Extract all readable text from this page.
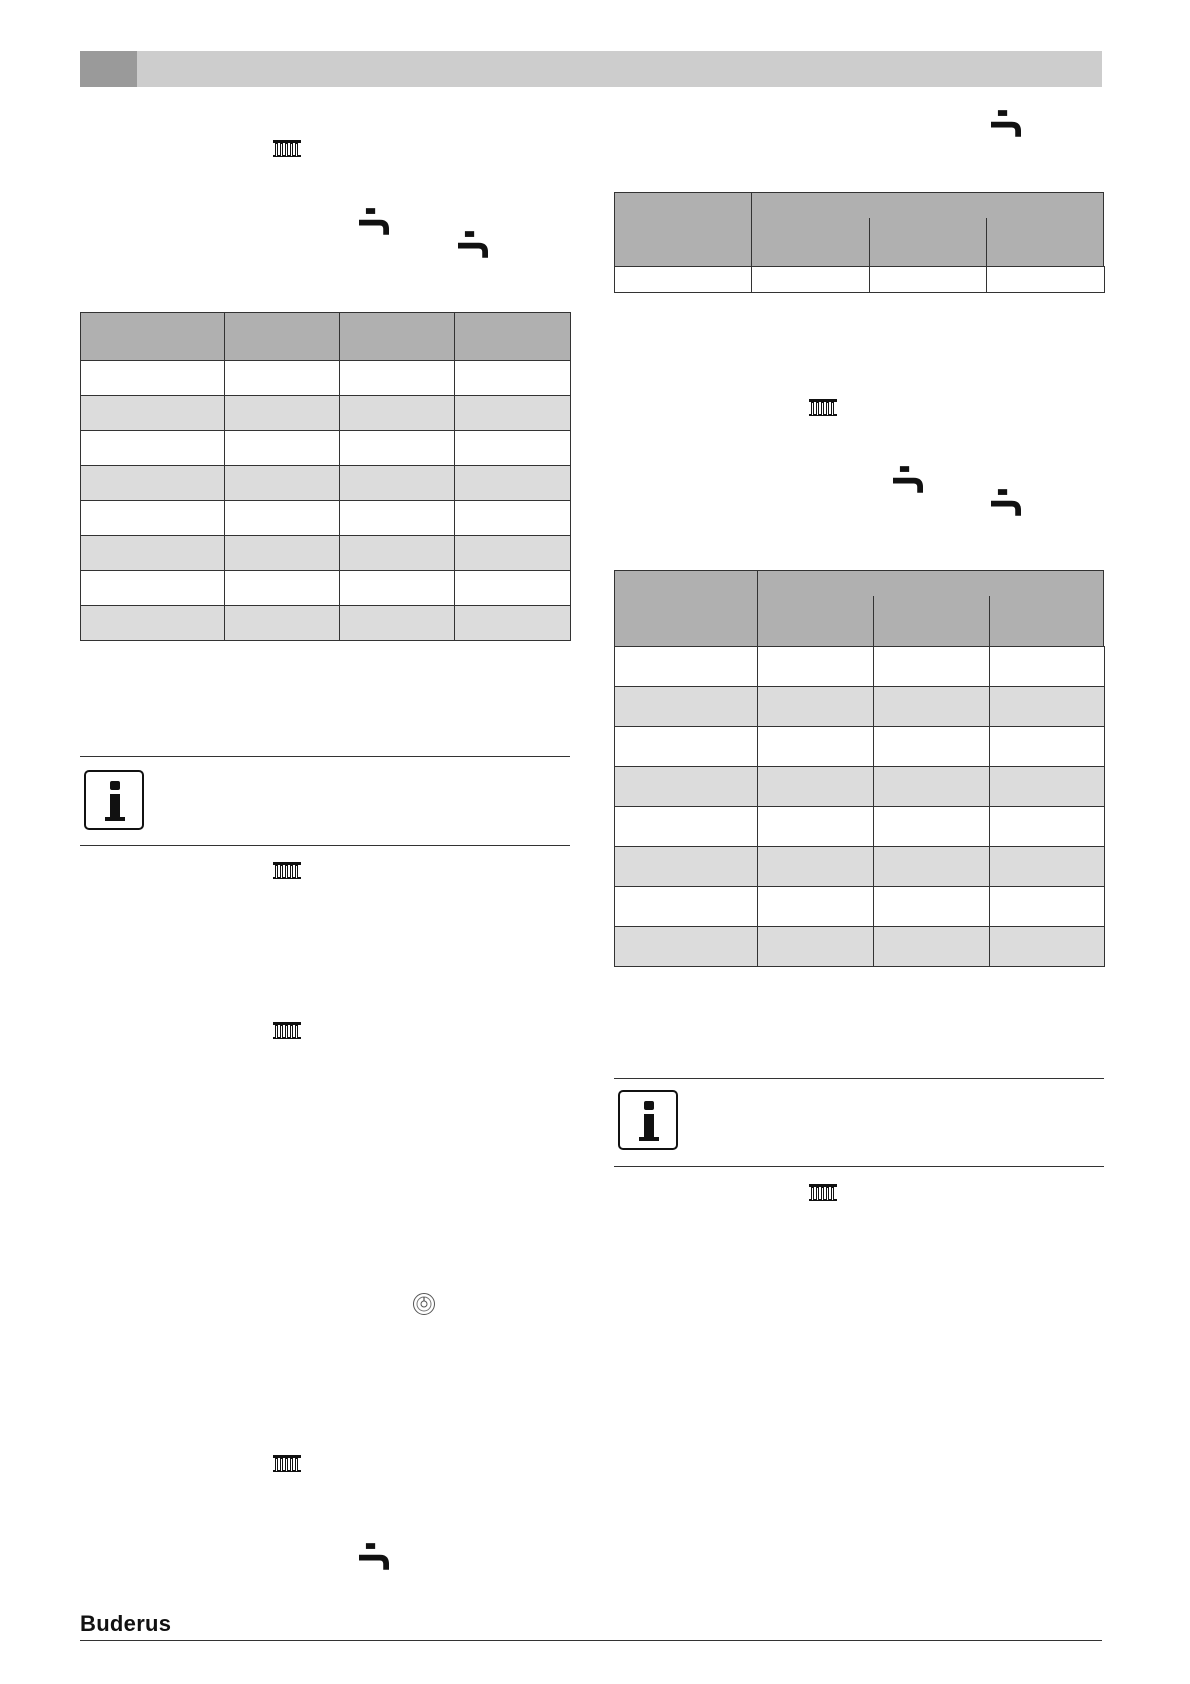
Buderus
